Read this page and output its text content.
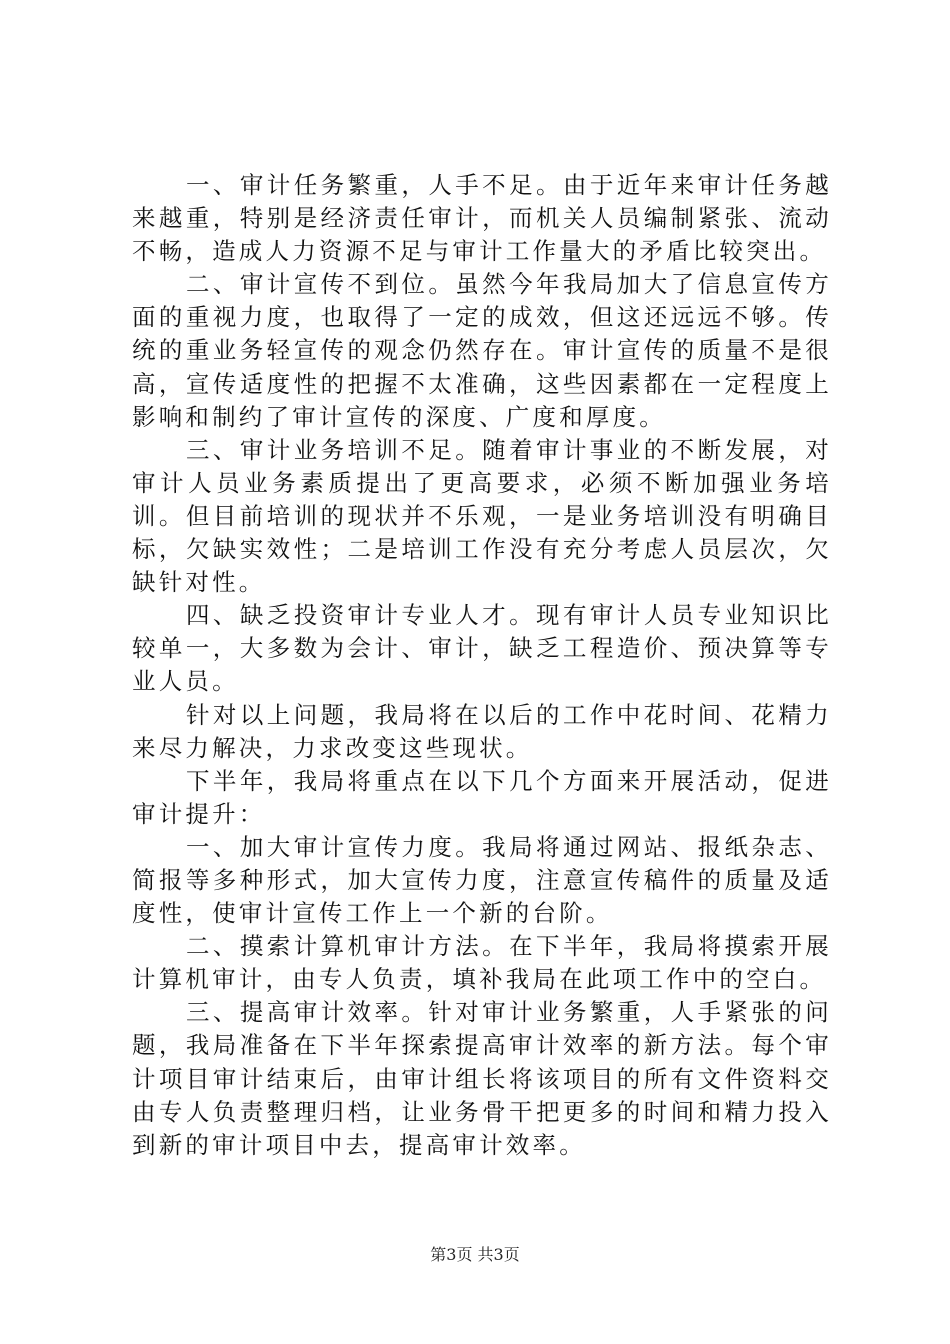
一、审计任务繁重，人手不足。由于近年来审计任务越来越重，特别是经济责任审计，而机关人员编制紧张、流动不畅，造成人力资源不足与审计工作量大的矛盾比较突出。

二、审计宣传不到位。虽然今年我局加大了信息宣传方面的重视力度，也取得了一定的成效，但这还远远不够。传统的重业务轻宣传的观念仍然存在。审计宣传的质量不是很高，宣传适度性的把握不太准确，这些因素都在一定程度上影响和制约了审计宣传的深度、广度和厚度。

三、审计业务培训不足。随着审计事业的不断发展，对审计人员业务素质提出了更高要求，必须不断加强业务培训。但目前培训的现状并不乐观，一是业务培训没有明确目标，欠缺实效性；二是培训工作没有充分考虑人员层次，欠缺针对性。

四、缺乏投资审计专业人才。现有审计人员专业知识比较单一，大多数为会计、审计，缺乏工程造价、预决算等专业人员。

针对以上问题，我局将在以后的工作中花时间、花精力来尽力解决，力求改变这些现状。

下半年，我局将重点在以下几个方面来开展活动，促进审计提升：

一、加大审计宣传力度。我局将通过网站、报纸杂志、简报等多种形式，加大宣传力度，注意宣传稿件的质量及适度性，使审计宣传工作上一个新的台阶。

二、摸索计算机审计方法。在下半年，我局将摸索开展计算机审计，由专人负责，填补我局在此项工作中的空白。

三、提高审计效率。针对审计业务繁重，人手紧张的问题，我局准备在下半年探索提高审计效率的新方法。每个审计项目审计结束后，由审计组长将该项目的所有文件资料交由专人负责整理归档，让业务骨干把更多的时间和精力投入到新的审计项目中去，提高审计效率。

第3页 共3页
